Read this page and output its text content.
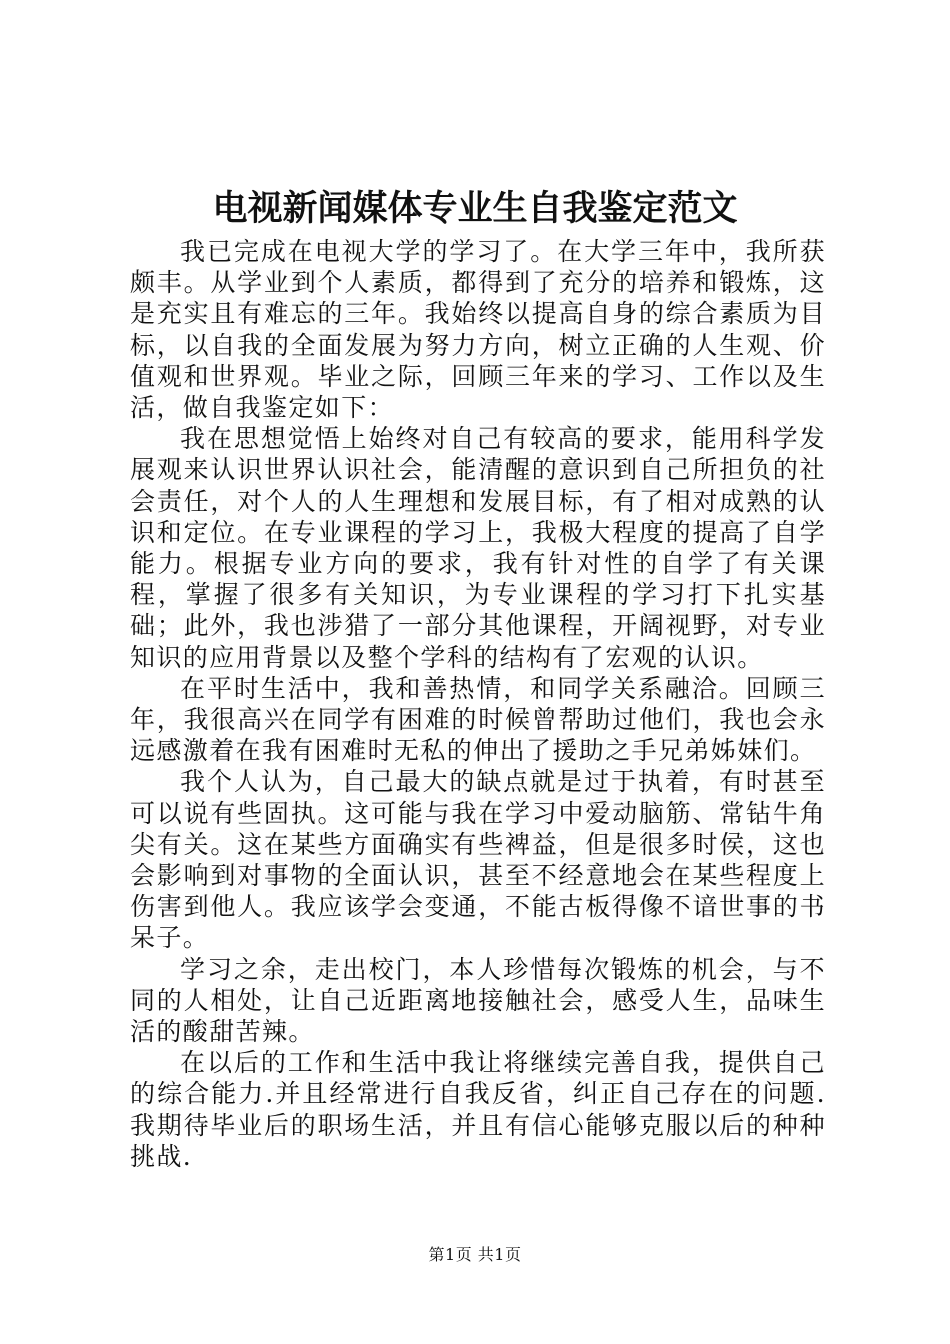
电视新闻媒体专业生自我鉴定范文

我已完成在电视大学的学习了。在大学三年中，我所获颇丰。从学业到个人素质，都得到了充分的培养和锻炼，这是充实且有难忘的三年。我始终以提高自身的综合素质为目标，以自我的全面发展为努力方向，树立正确的人生观、价值观和世界观。毕业之际，回顾三年来的学习、工作以及生活，做自我鉴定如下：

我在思想觉悟上始终对自己有较高的要求，能用科学发展观来认识世界认识社会，能清醒的意识到自己所担负的社会责任，对个人的人生理想和发展目标，有了相对成熟的认识和定位。在专业课程的学习上，我极大程度的提高了自学能力。根据专业方向的要求，我有针对性的自学了有关课程，掌握了很多有关知识，为专业课程的学习打下扎实基础；此外，我也涉猎了一部分其他课程，开阔视野，对专业知识的应用背景以及整个学科的结构有了宏观的认识。

在平时生活中，我和善热情，和同学关系融洽。回顾三年，我很高兴在同学有困难的时候曾帮助过他们，我也会永远感激着在我有困难时无私的伸出了援助之手兄弟姊妹们。

我个人认为，自己最大的缺点就是过于执着，有时甚至可以说有些固执。这可能与我在学习中爱动脑筋、常钻牛角尖有关。这在某些方面确实有些裨益，但是很多时侯，这也会影响到对事物的全面认识，甚至不经意地会在某些程度上伤害到他人。我应该学会变通，不能古板得像不谙世事的书呆子。

学习之余，走出校门，本人珍惜每次锻炼的机会，与不同的人相处，让自己近距离地接触社会，感受人生，品味生活的酸甜苦辣。

在以后的工作和生活中我让将继续完善自我，提供自己的综合能力.并且经常进行自我反省，纠正自己存在的问题.我期待毕业后的职场生活，并且有信心能够克服以后的种种挑战.

第1页 共1页
